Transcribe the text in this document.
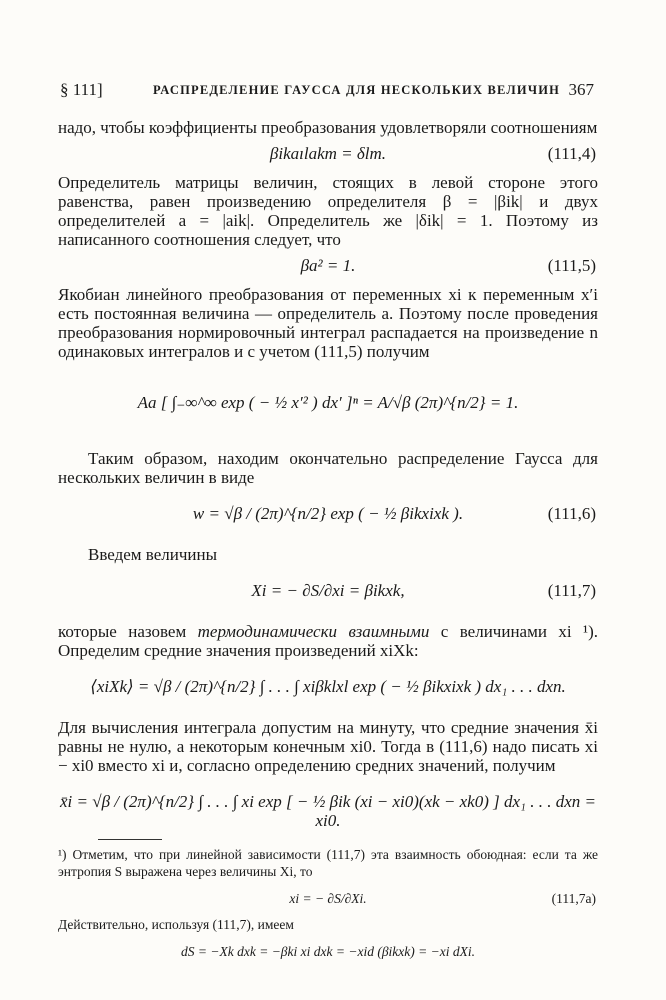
§ 111]	РАСПРЕДЕЛЕНИЕ ГАУССА ДЛЯ НЕСКОЛЬКИХ ВЕЛИЧИН 367

надо, чтобы коэффициенты преобразования удовлетворяли соотношениям

βikaılakm = δlm.	(111,4)

Определитель матрицы величин, стоящих в левой стороне этого равенства, равен произведению определителя β = |βik| и двух определителей a = |aik|. Определитель же |δik| = 1. Поэтому из написанного соотношения следует, что

βa² = 1.	(111,5)

Якобиан линейного преобразования от переменных xi к переменным x′i есть постоянная величина — определитель a. Поэтому после проведения преобразования нормировочный интеграл распадается на произведение n одинаковых интегралов и с учетом (111,5) получим

Aa [ ∫₋∞^∞ exp ( − ½ x′² ) dx′ ]ⁿ = A/√β (2π)^{n/2} = 1.

Таким образом, находим окончательно распределение Гаусса для нескольких величин в виде

w = √β / (2π)^{n/2} exp ( − ½ βikxixk ).	(111,6)

Введем величины

Xi = − ∂S/∂xi = βikxk,	(111,7)

которые назовем термодинамически взаимными с величинами xi ¹). Определим средние значения произведений xiXk:

⟨xiXk⟩ = √β / (2π)^{n/2} ∫ . . . ∫ xiβklxl exp ( − ½ βikxixk ) dx₁ . . . dxn.

Для вычисления интеграла допустим на минуту, что средние значения x̄i равны не нулю, а некоторым конечным xi0. Тогда в (111,6) надо писать xi − xi0 вместо xi и, согласно определению средних значений, получим

x̄i = √β / (2π)^{n/2} ∫ . . . ∫ xi exp [ − ½ βik (xi − xi0)(xk − xk0) ] dx₁ . . . dxn = xi0.

¹) Отметим, что при линейной зависимости (111,7) эта взаимность обоюдная: если та же энтропия S выражена через величины Xi, то

xi = − ∂S/∂Xi.	(111,7a)

Действительно, используя (111,7), имеем

dS = −Xk dxk = −βki xi dxk = −xid (βikxk) = −xi dXi.
